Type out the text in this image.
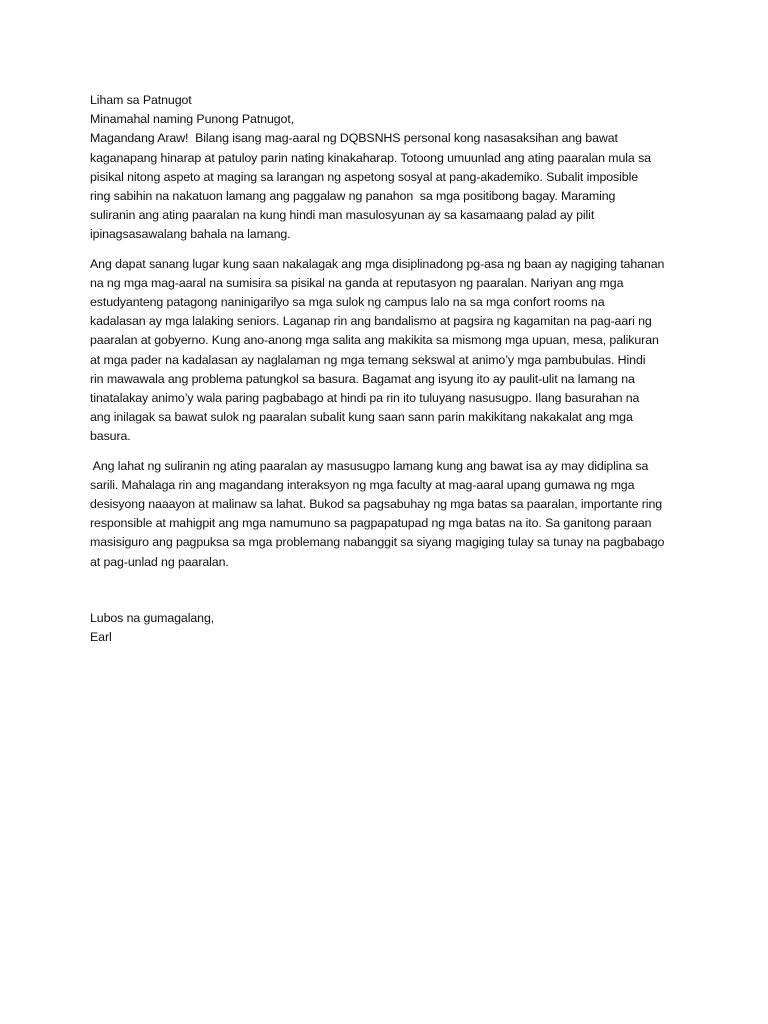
Liham sa Patnugot

Minamahal naming Punong Patnugot,

Magandang Araw!  Bilang isang mag-aaral ng DQBSNHS personal kong nasasaksihan ang bawat
kaganapang hinarap at patuloy parin nating kinakaharap. Totoong umuunlad ang ating paaralan mula sa
pisikal nitong aspeto at maging sa larangan ng aspetong sosyal at pang-akademiko. Subalit imposible
ring sabihin na nakatuon lamang ang paggalaw ng panahon  sa mga positibong bagay. Maraming
suliranin ang ating paaralan na kung hindi man masulosyunan ay sa kasamaang palad ay pilit
ipinagsasawalang bahala na lamang.

Ang dapat sanang lugar kung saan nakalagak ang mga disiplinadong pg-asa ng baan ay nagiging tahanan
na ng mga mag-aaral na sumisira sa pisikal na ganda at reputasyon ng paaralan. Nariyan ang mga
estudyanteng patagong naninigarilyo sa mga sulok ng campus lalo na sa mga confort rooms na
kadalasan ay mga lalaking seniors. Laganap rin ang bandalismo at pagsira ng kagamitan na pag-aari ng
paaralan at gobyerno. Kung ano-anong mga salita ang makikita sa mismong mga upuan, mesa, palikuran
at mga pader na kadalasan ay naglalaman ng mga temang sekswal at animo’y mga pambubulas. Hindi
rin mawawala ang problema patungkol sa basura. Bagamat ang isyung ito ay paulit-ulit na lamang na
tinatalakay animo’y wala paring pagbabago at hindi pa rin ito tuluyang nasusugpo. Ilang basurahan na
ang inilagak sa bawat sulok ng paaralan subalit kung saan sann parin makikitang nakakalat ang mga
basura.

Ang lahat ng suliranin ng ating paaralan ay masusugpo lamang kung ang bawat isa ay may didiplina sa
sarili. Mahalaga rin ang magandang interaksyon ng mga faculty at mag-aaral upang gumawa ng mga
desisyong naaayon at malinaw sa lahat. Bukod sa pagsabuhay ng mga batas sa paaralan, importante ring
responsible at mahigpit ang mga namumuno sa pagpapatupad ng mga batas na ito. Sa ganitong paraan
masisiguro ang pagpuksa sa mga problemang nabanggit sa siyang magiging tulay sa tunay na pagbabago
at pag-unlad ng paaralan.

Lubos na gumagalang,

Earl
